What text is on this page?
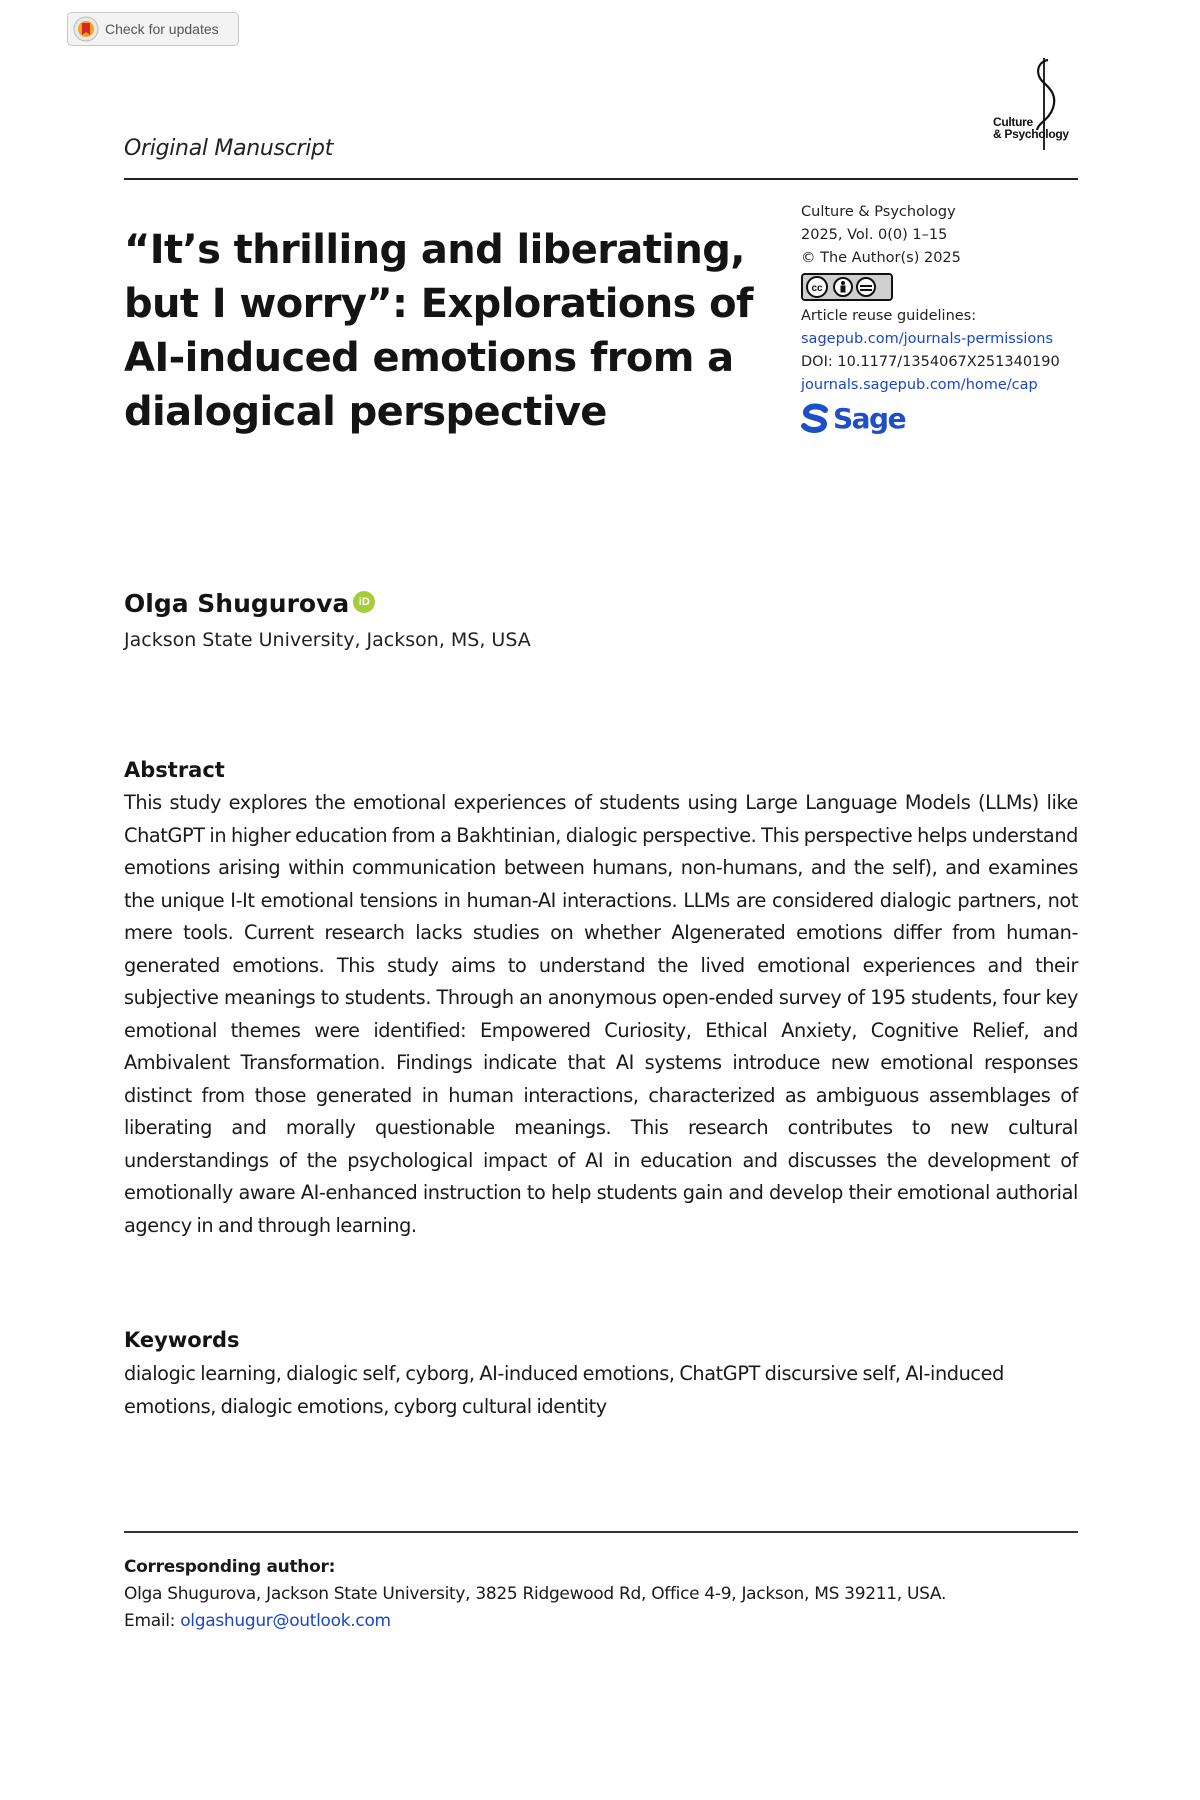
Check for updates
Culture
& Psychology
Original Manuscript
“It’s thrilling and liberating, but I worry”: Explorations of AI-induced emotions from a dialogical perspective
Culture & Psychology
2025, Vol. 0(0) 1–15
© The Author(s) 2025
cc
Article reuse guidelines:
sagepub.com/journals-permissions
DOI: 10.1177/1354067X251340190
journals.sagepub.com/home/cap
Sage
Olga Shugurova iD
Jackson State University, Jackson, MS, USA
Abstract

This study explores the emotional experiences of students using Large Language Models (LLMs) like ChatGPT in higher education from a Bakhtinian, dialogic perspective. This perspective helps understand emotions arising within communication between humans, non-humans, and the self), and examines the unique I-It emotional tensions in human-AI interactions. LLMs are considered dialogic partners, not mere tools. Current research lacks studies on whether AIgenerated emotions differ from human-generated emotions. This study aims to understand the lived emotional experiences and their subjective meanings to students. Through an anonymous open-ended survey of 195 students, four key emotional themes were identified: Empowered Curiosity, Ethical Anxiety, Cognitive Relief, and Ambivalent Transformation. Findings indicate that AI systems introduce new emotional responses distinct from those generated in human interactions, characterized as ambiguous assemblages of liberating and morally questionable meanings. This research contributes to new cultural understandings of the psychological impact of AI in education and discusses the development of emotionally aware AI-enhanced instruction to help students gain and develop their emotional authorial agency in and through learning.

Keywords

dialogic learning, dialogic self, cyborg, AI-induced emotions, ChatGPT discursive self, AI-induced emotions, dialogic emotions, cyborg cultural identity

Corresponding author:
Olga Shugurova, Jackson State University, 3825 Ridgewood Rd, Office 4-9, Jackson, MS 39211, USA.
Email: olgashugur@outlook.com
